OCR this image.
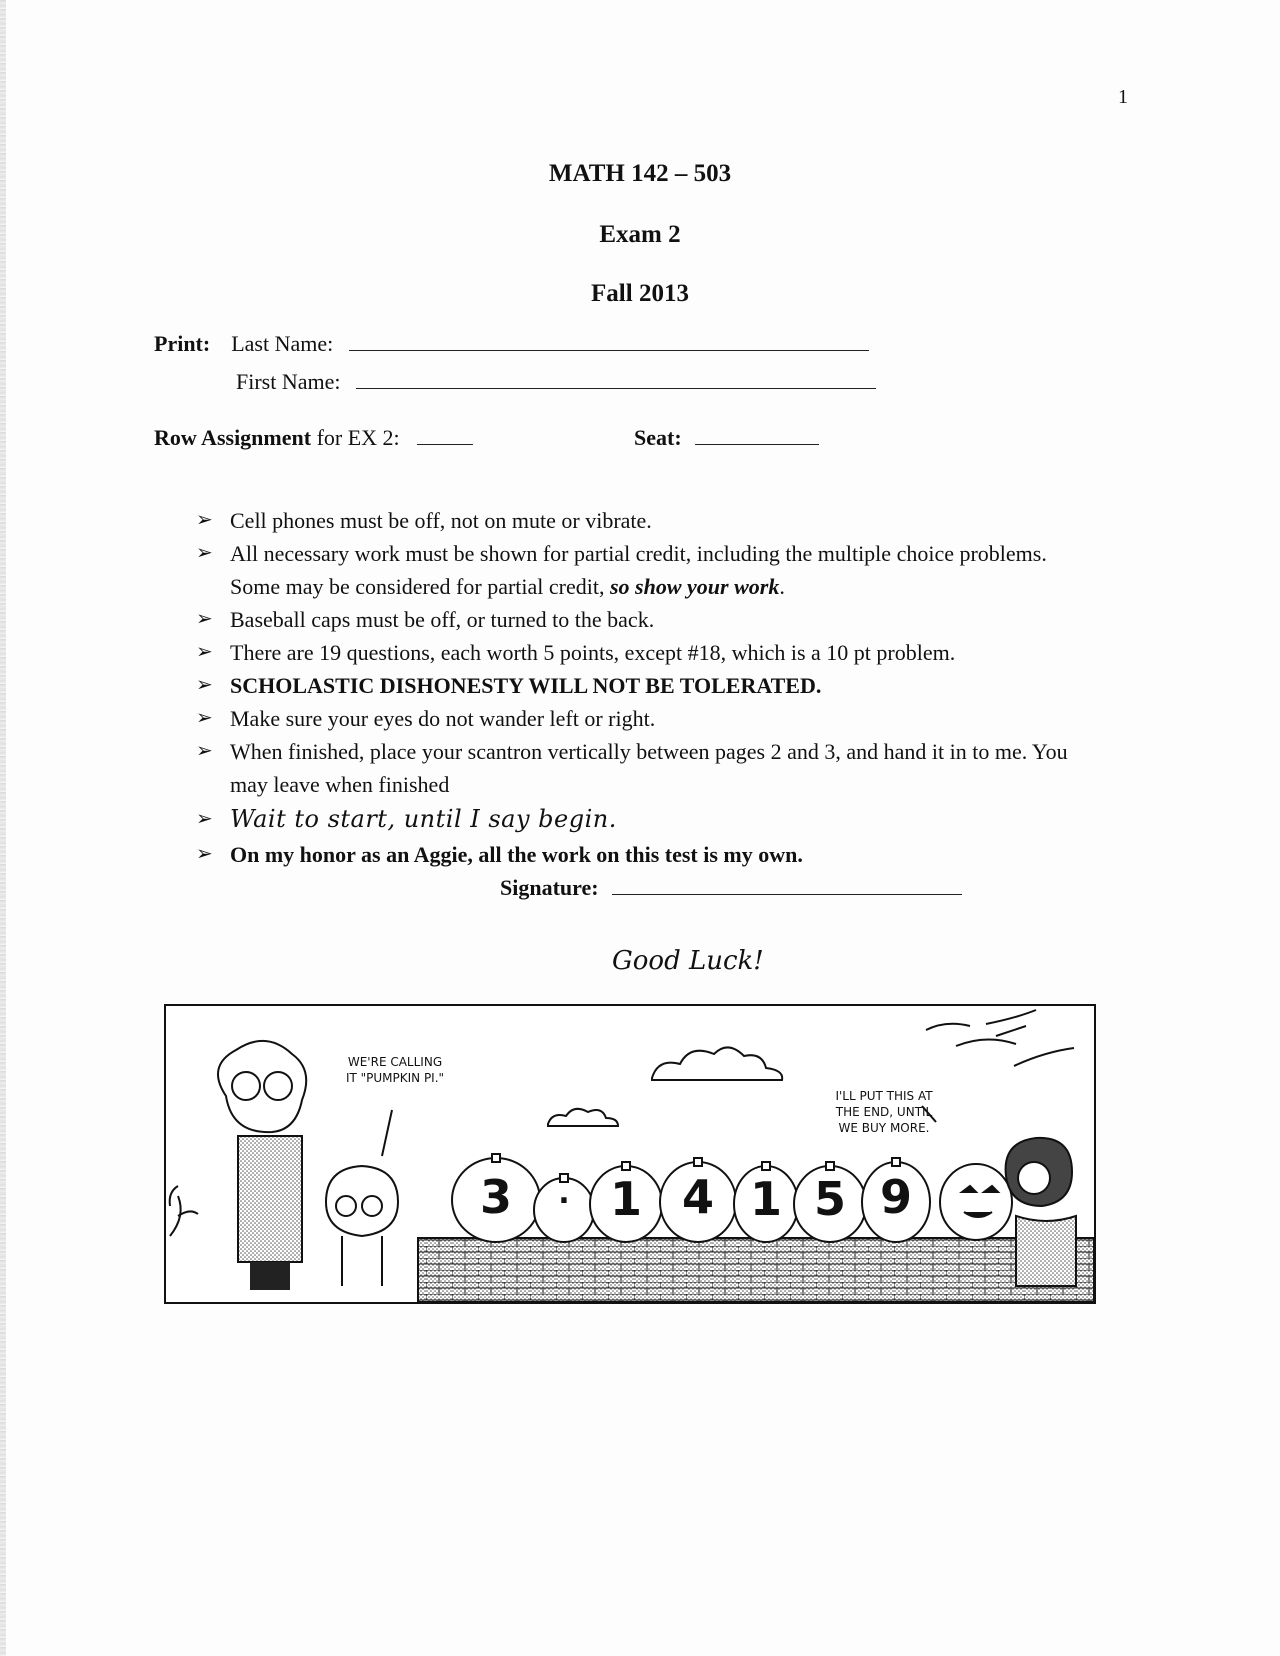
1
MATH 142 – 503
Exam 2
Fall 2013
Print: Last Name:
First Name:
Row Assignment for EX 2:	Seat:
➢ Cell phones must be off, not on mute or vibrate.
➢ All necessary work must be shown for partial credit, including the multiple choice problems. Some may be considered for partial credit, so show your work.
➢ Baseball caps must be off, or turned to the back.
➢ There are 19 questions, each worth 5 points, except #18, which is a 10 pt problem.
➢ SCHOLASTIC DISHONESTY WILL NOT BE TOLERATED.
➢ Make sure your eyes do not wander left or right.
➢ When finished, place your scantron vertically between pages 2 and 3, and hand it in to me. You may leave when finished
➢ Wait to start, until I say begin.
➢ On my honor as an Aggie, all the work on this test is my own.
Signature:
Good Luck!
WE'RE CALLING
IT "PUMPKIN PI."
I'LL PUT THIS AT
THE END, UNTIL
WE BUY MORE.
3	. 1 4 1 5 9
